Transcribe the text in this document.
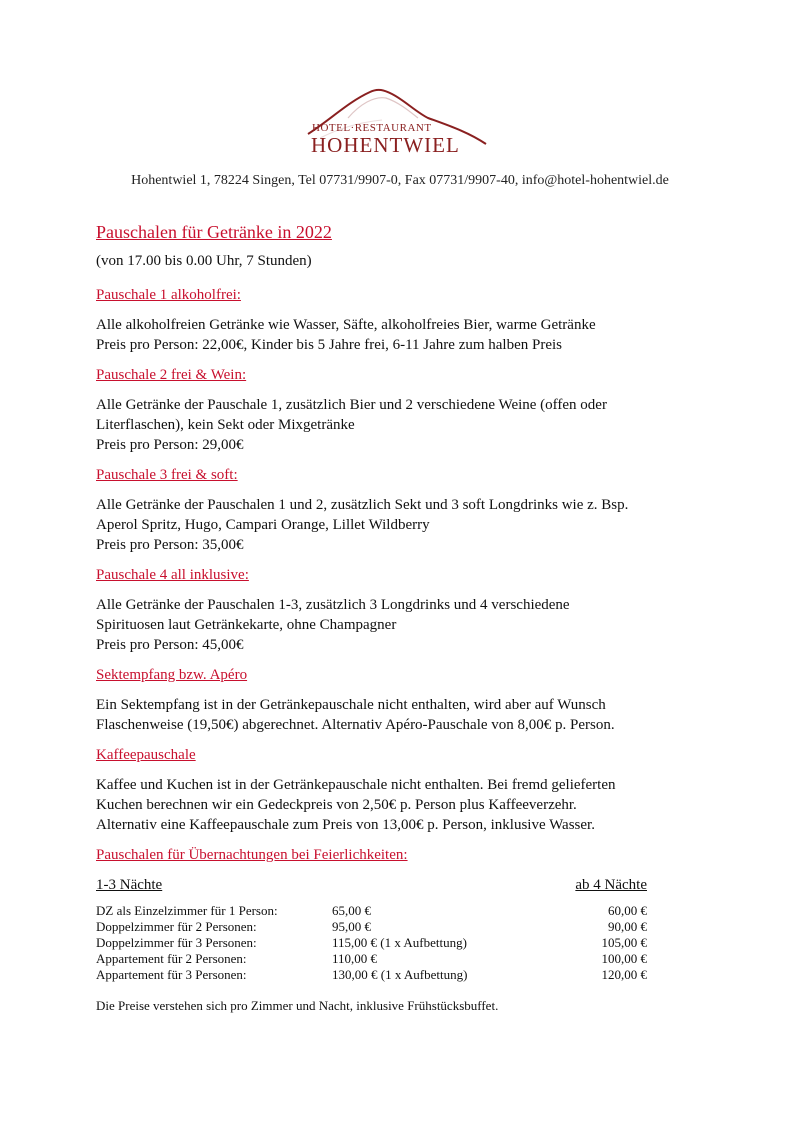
HOTEL·RESTAURANT
HOHENTWIEL
Hohentwiel 1, 78224 Singen, Tel 07731/9907-0, Fax 07731/9907-40, info@hotel-hohentwiel.de
Pauschalen für Getränke in 2022
(von 17.00 bis 0.00 Uhr, 7 Stunden)
Pauschale 1 alkoholfrei:
Alle alkoholfreien Getränke wie Wasser, Säfte, alkoholfreies Bier, warme Getränke
Preis pro Person: 22,00€, Kinder bis 5 Jahre frei, 6-11 Jahre zum halben Preis
Pauschale 2 frei & Wein:
Alle Getränke der Pauschale 1, zusätzlich Bier und 2 verschiedene Weine (offen oder
Literflaschen), kein Sekt oder Mixgetränke
Preis pro Person: 29,00€
Pauschale 3 frei & soft:
Alle Getränke der Pauschalen 1 und 2, zusätzlich Sekt und 3 soft Longdrinks wie z. Bsp.
Aperol Spritz, Hugo, Campari Orange, Lillet Wildberry
Preis pro Person: 35,00€
Pauschale 4 all inklusive:
Alle Getränke der Pauschalen 1-3, zusätzlich 3 Longdrinks und 4 verschiedene
Spirituosen laut Getränkekarte, ohne Champagner
Preis pro Person: 45,00€
Sektempfang bzw. Apéro
Ein Sektempfang ist in der Getränkepauschale nicht enthalten, wird aber auf Wunsch
Flaschenweise (19,50€) abgerechnet. Alternativ Apéro-Pauschale von 8,00€ p. Person.
Kaffeepauschale
Kaffee und Kuchen ist in der Getränkepauschale nicht enthalten. Bei fremd gelieferten
Kuchen berechnen wir ein Gedeckpreis von 2,50€ p. Person plus Kaffeeverzehr.
Alternativ eine Kaffeepauschale zum Preis von 13,00€ p. Person, inklusive Wasser.
Pauschalen für Übernachtungen bei Feierlichkeiten:
1-3 Nächte	ab 4 Nächte
DZ als Einzelzimmer für 1 Person:	65,00 €	60,00 €
Doppelzimmer für 2 Personen:	95,00 €	90,00 €
Doppelzimmer für 3 Personen:	115,00 € (1 x Aufbettung)	105,00 €
Appartement für 2 Personen:	110,00 €	100,00 €
Appartement für 3 Personen:	130,00 € (1 x Aufbettung)	120,00 €
Die Preise verstehen sich pro Zimmer und Nacht, inklusive Frühstücksbuffet.
